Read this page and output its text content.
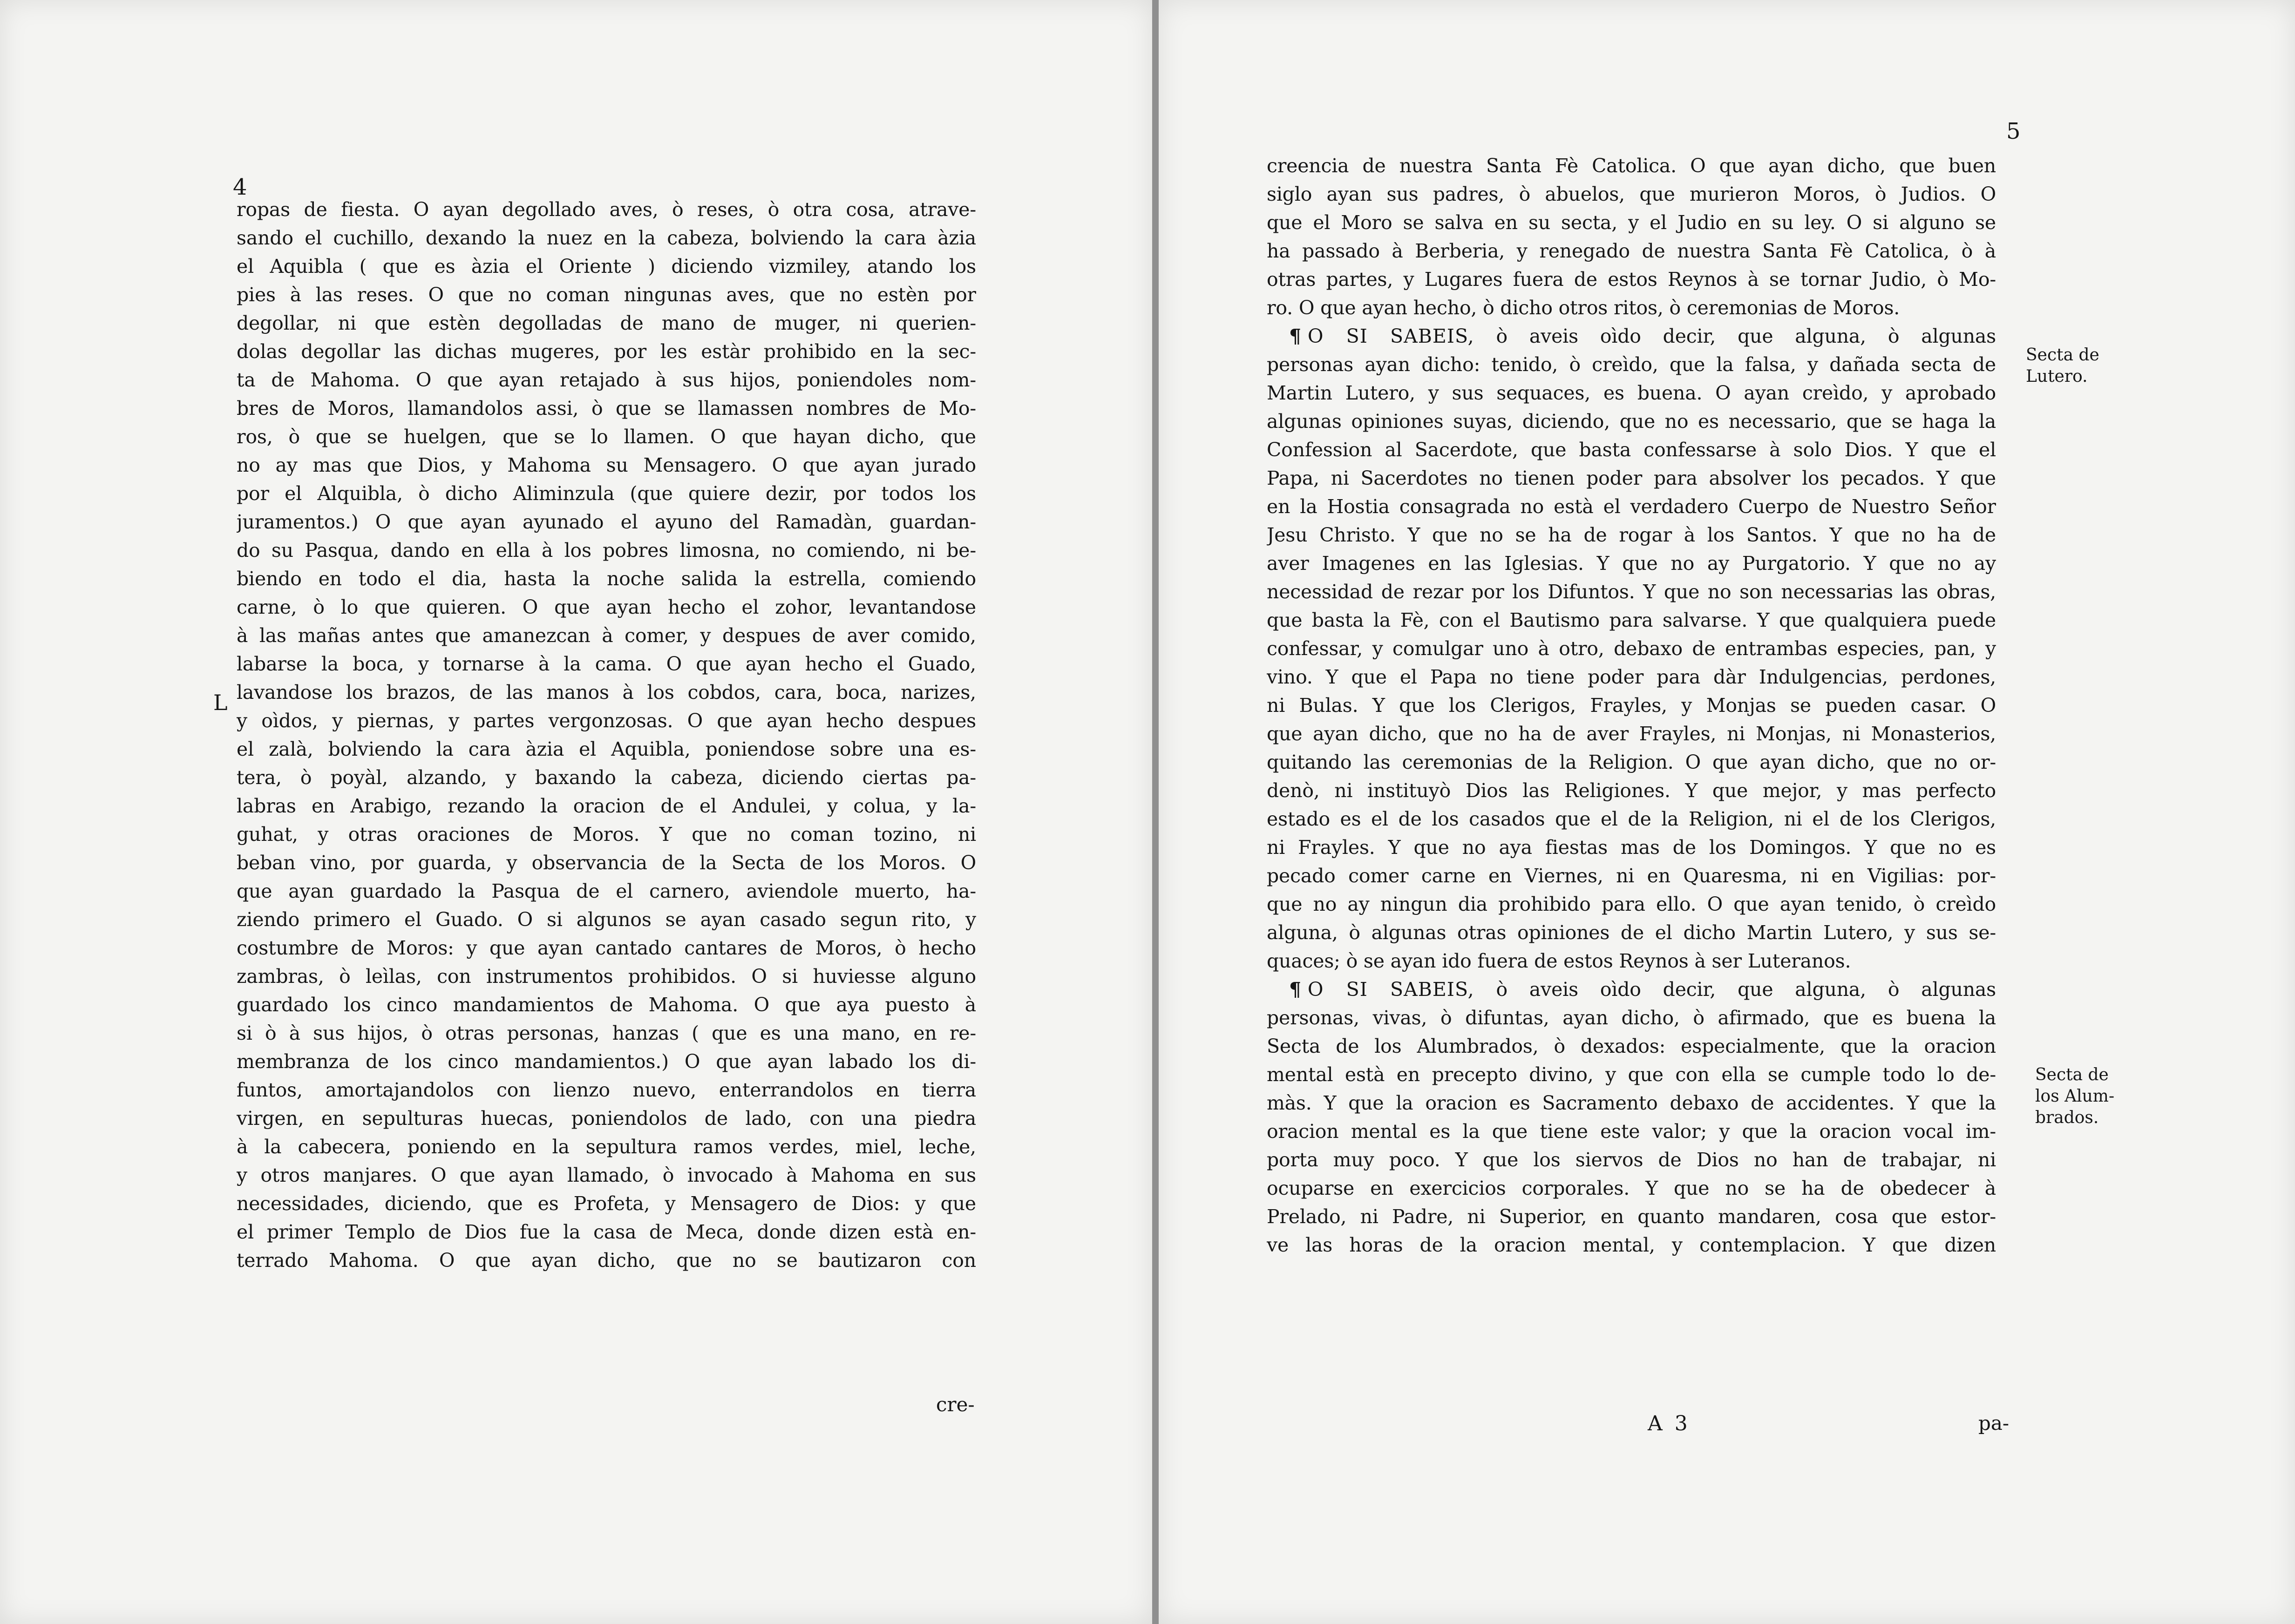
4
L
ropas de fiesta. O ayan degollado aves, ò reses, ò otra cosa, atrave-
sando el cuchillo, dexando la nuez en la cabeza, bolviendo la cara àzia
el Aquibla ( que es àzia el Oriente ) diciendo vizmiley, atando los
pies à las reses. O que no coman ningunas aves, que no estèn por
degollar, ni que estèn degolladas de mano de muger, ni querien-
dolas degollar las dichas mugeres, por les estàr prohibido en la sec-
ta de Mahoma. O que ayan retajado à sus hijos, poniendoles nom-
bres de Moros, llamandolos assi, ò que se llamassen nombres de Mo-
ros, ò que se huelgen, que se lo llamen. O que hayan dicho, que
no ay mas que Dios, y Mahoma su Mensagero. O que ayan jurado
por el Alquibla, ò dicho Aliminzula (que quiere dezir, por todos los
juramentos.) O que ayan ayunado el ayuno del Ramadàn, guardan-
do su Pasqua, dando en ella à los pobres limosna, no comiendo, ni be-
biendo en todo el dia, hasta la noche salida la estrella, comiendo
carne, ò lo que quieren. O que ayan hecho el zohor, levantandose
à las mañas antes que amanezcan à comer, y despues de aver comido,
labarse la boca, y tornarse à la cama. O que ayan hecho el Guado,
lavandose los brazos, de las manos à los cobdos, cara, boca, narizes,
y oìdos, y piernas, y partes vergonzosas. O que ayan hecho despues
el zalà, bolviendo la cara àzia el Aquibla, poniendose sobre una es-
tera, ò poyàl, alzando, y baxando la cabeza, diciendo ciertas pa-
labras en Arabigo, rezando la oracion de el Andulei, y colua, y la-
guhat, y otras oraciones de Moros. Y que no coman tozino, ni
beban vino, por guarda, y observancia de la Secta de los Moros. O
que ayan guardado la Pasqua de el carnero, aviendole muerto, ha-
ziendo primero el Guado. O si algunos se ayan casado segun rito, y
costumbre de Moros: y que ayan cantado cantares de Moros, ò hecho
zambras, ò leìlas, con instrumentos prohibidos. O si huviesse alguno
guardado los cinco mandamientos de Mahoma. O que aya puesto à
si ò à sus hijos, ò otras personas, hanzas ( que es una mano, en re-
membranza de los cinco mandamientos.) O que ayan labado los di-
funtos, amortajandolos con lienzo nuevo, enterrandolos en tierra
virgen, en sepulturas huecas, poniendolos de lado, con una piedra
à la cabecera, poniendo en la sepultura ramos verdes, miel, leche,
y otros manjares. O que ayan llamado, ò invocado à Mahoma en sus
necessidades, diciendo, que es Profeta, y Mensagero de Dios: y que
el primer Templo de Dios fue la casa de Meca, donde dizen està en-
terrado Mahoma. O que ayan dicho, que no se bautizaron con
cre-
5
pa-
A 3
Secta de
Lutero.
Secta de
los Alum-
brados.
creencia de nuestra Santa Fè Catolica. O que ayan dicho, que buen
siglo ayan sus padres, ò abuelos, que murieron Moros, ò Judios. O
que el Moro se salva en su secta, y el Judio en su ley. O si alguno se
ha passado à Berberia, y renegado de nuestra Santa Fè Catolica, ò à
otras partes, y Lugares fuera de estos Reynos à se tornar Judio, ò Mo-
ro. O que ayan hecho, ò dicho otros ritos, ò ceremonias de Moros.
¶ O SI SABEIS, ò aveis oìdo decir, que alguna, ò algunas
personas ayan dicho: tenido, ò creìdo, que la falsa, y dañada secta de
Martin Lutero, y sus sequaces, es buena. O ayan creìdo, y aprobado
algunas opiniones suyas, diciendo, que no es necessario, que se haga la
Confession al Sacerdote, que basta confessarse à solo Dios. Y que el
Papa, ni Sacerdotes no tienen poder para absolver los pecados. Y que
en la Hostia consagrada no està el verdadero Cuerpo de Nuestro Señor
Jesu Christo. Y que no se ha de rogar à los Santos. Y que no ha de
aver Imagenes en las Iglesias. Y que no ay Purgatorio. Y que no ay
necessidad de rezar por los Difuntos. Y que no son necessarias las obras,
que basta la Fè, con el Bautismo para salvarse. Y que qualquiera puede
confessar, y comulgar uno à otro, debaxo de entrambas especies, pan, y
vino. Y que el Papa no tiene poder para dàr Indulgencias, perdones,
ni Bulas. Y que los Clerigos, Frayles, y Monjas se pueden casar. O
que ayan dicho, que no ha de aver Frayles, ni Monjas, ni Monasterios,
quitando las ceremonias de la Religion. O que ayan dicho, que no or-
denò, ni instituyò Dios las Religiones. Y que mejor, y mas perfecto
estado es el de los casados que el de la Religion, ni el de los Clerigos,
ni Frayles. Y que no aya fiestas mas de los Domingos. Y que no es
pecado comer carne en Viernes, ni en Quaresma, ni en Vigilias: por-
que no ay ningun dia prohibido para ello. O que ayan tenido, ò creìdo
alguna, ò algunas otras opiniones de el dicho Martin Lutero, y sus se-
quaces; ò se ayan ido fuera de estos Reynos à ser Luteranos.
¶ O SI SABEIS, ò aveis oìdo decir, que alguna, ò algunas
personas, vivas, ò difuntas, ayan dicho, ò afirmado, que es buena la
Secta de los Alumbrados, ò dexados: especialmente, que la oracion
mental està en precepto divino, y que con ella se cumple todo lo de-
màs. Y que la oracion es Sacramento debaxo de accidentes. Y que la
oracion mental es la que tiene este valor; y que la oracion vocal im-
porta muy poco. Y que los siervos de Dios no han de trabajar, ni
ocuparse en exercicios corporales. Y que no se ha de obedecer à
Prelado, ni Padre, ni Superior, en quanto mandaren, cosa que estor-
ve las horas de la oracion mental, y contemplacion. Y que dizen
